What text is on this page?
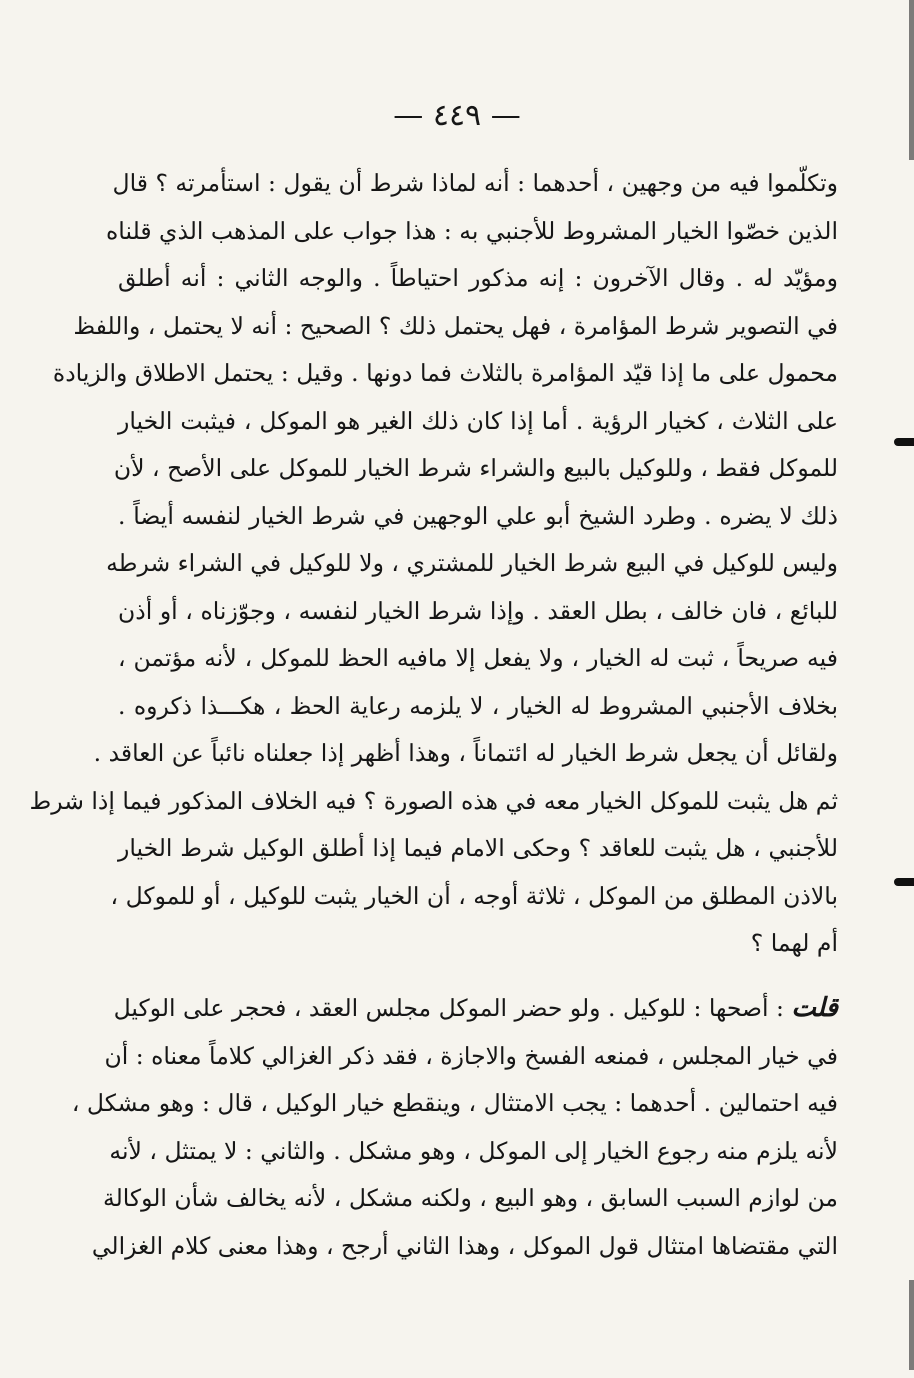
— ٤٤٩ —
وتكلّموا فيه من وجهين ، أحدهما : أنه لماذا شرط أن يقول : استأمرته ؟ قال
الذين خصّوا الخيار المشروط للأجنبي به : هذا جواب على المذهب الذي قلناه
ومؤيّد له . وقال الآخرون : إنه مذكور احتياطاً . والوجه الثاني : أنه أطلق
في التصوير شرط المؤامرة ، فهل يحتمل ذلك ؟ الصحيح : أنه لا يحتمل ، واللفظ
محمول على ما إذا قيّد المؤامرة بالثلاث فما دونها . وقيل : يحتمل الاطلاق والزيادة
على الثلاث ، كخيار الرؤية . أما إذا كان ذلك الغير هو الموكل ، فيثبت الخيار
للموكل فقط ، وللوكيل بالبيع والشراء شرط الخيار للموكل على الأصح ، لأن
ذلك لا يضره . وطرد الشيخ أبو علي الوجهين في شرط الخيار لنفسه أيضاً .
وليس للوكيل في البيع شرط الخيار للمشتري ، ولا للوكيل في الشراء شرطه
للبائع ، فان خالف ، بطل العقد . وإذا شرط الخيار لنفسه ، وجوّزناه ، أو أذن
فيه صريحاً ، ثبت له الخيار ، ولا يفعل إلا مافيه الحظ للموكل ، لأنه مؤتمن ،
بخلاف الأجنبي المشروط له الخيار ، لا يلزمه رعاية الحظ ، هكـــذا ذكروه .
ولقائل أن يجعل شرط الخيار له ائتماناً ، وهذا أظهر إذا جعلناه نائباً عن العاقد .
ثم هل يثبت للموكل الخيار معه في هذه الصورة ؟ فيه الخلاف المذكور فيما إذا شرط
للأجنبي ، هل يثبت للعاقد ؟ وحكى الامام فيما إذا أطلق الوكيل شرط الخيار
بالاذن المطلق من الموكل ، ثلاثة أوجه ، أن الخيار يثبت للوكيل ، أو للموكل ،
أم لهما ؟
قلت : أصحها : للوكيل . ولو حضر الموكل مجلس العقد ، فحجر على الوكيل
في خيار المجلس ، فمنعه الفسخ والاجازة ، فقد ذكر الغزالي كلاماً معناه : أن
فيه احتمالين . أحدهما : يجب الامتثال ، وينقطع خيار الوكيل ، قال : وهو مشكل ،
لأنه يلزم منه رجوع الخيار إلى الموكل ، وهو مشكل . والثاني : لا يمتثل ، لأنه
من لوازم السبب السابق ، وهو البيع ، ولكنه مشكل ، لأنه يخالف شأن الوكالة
التي مقتضاها امتثال قول الموكل ، وهذا الثاني أرجح ، وهذا معنى كلام الغزالي
